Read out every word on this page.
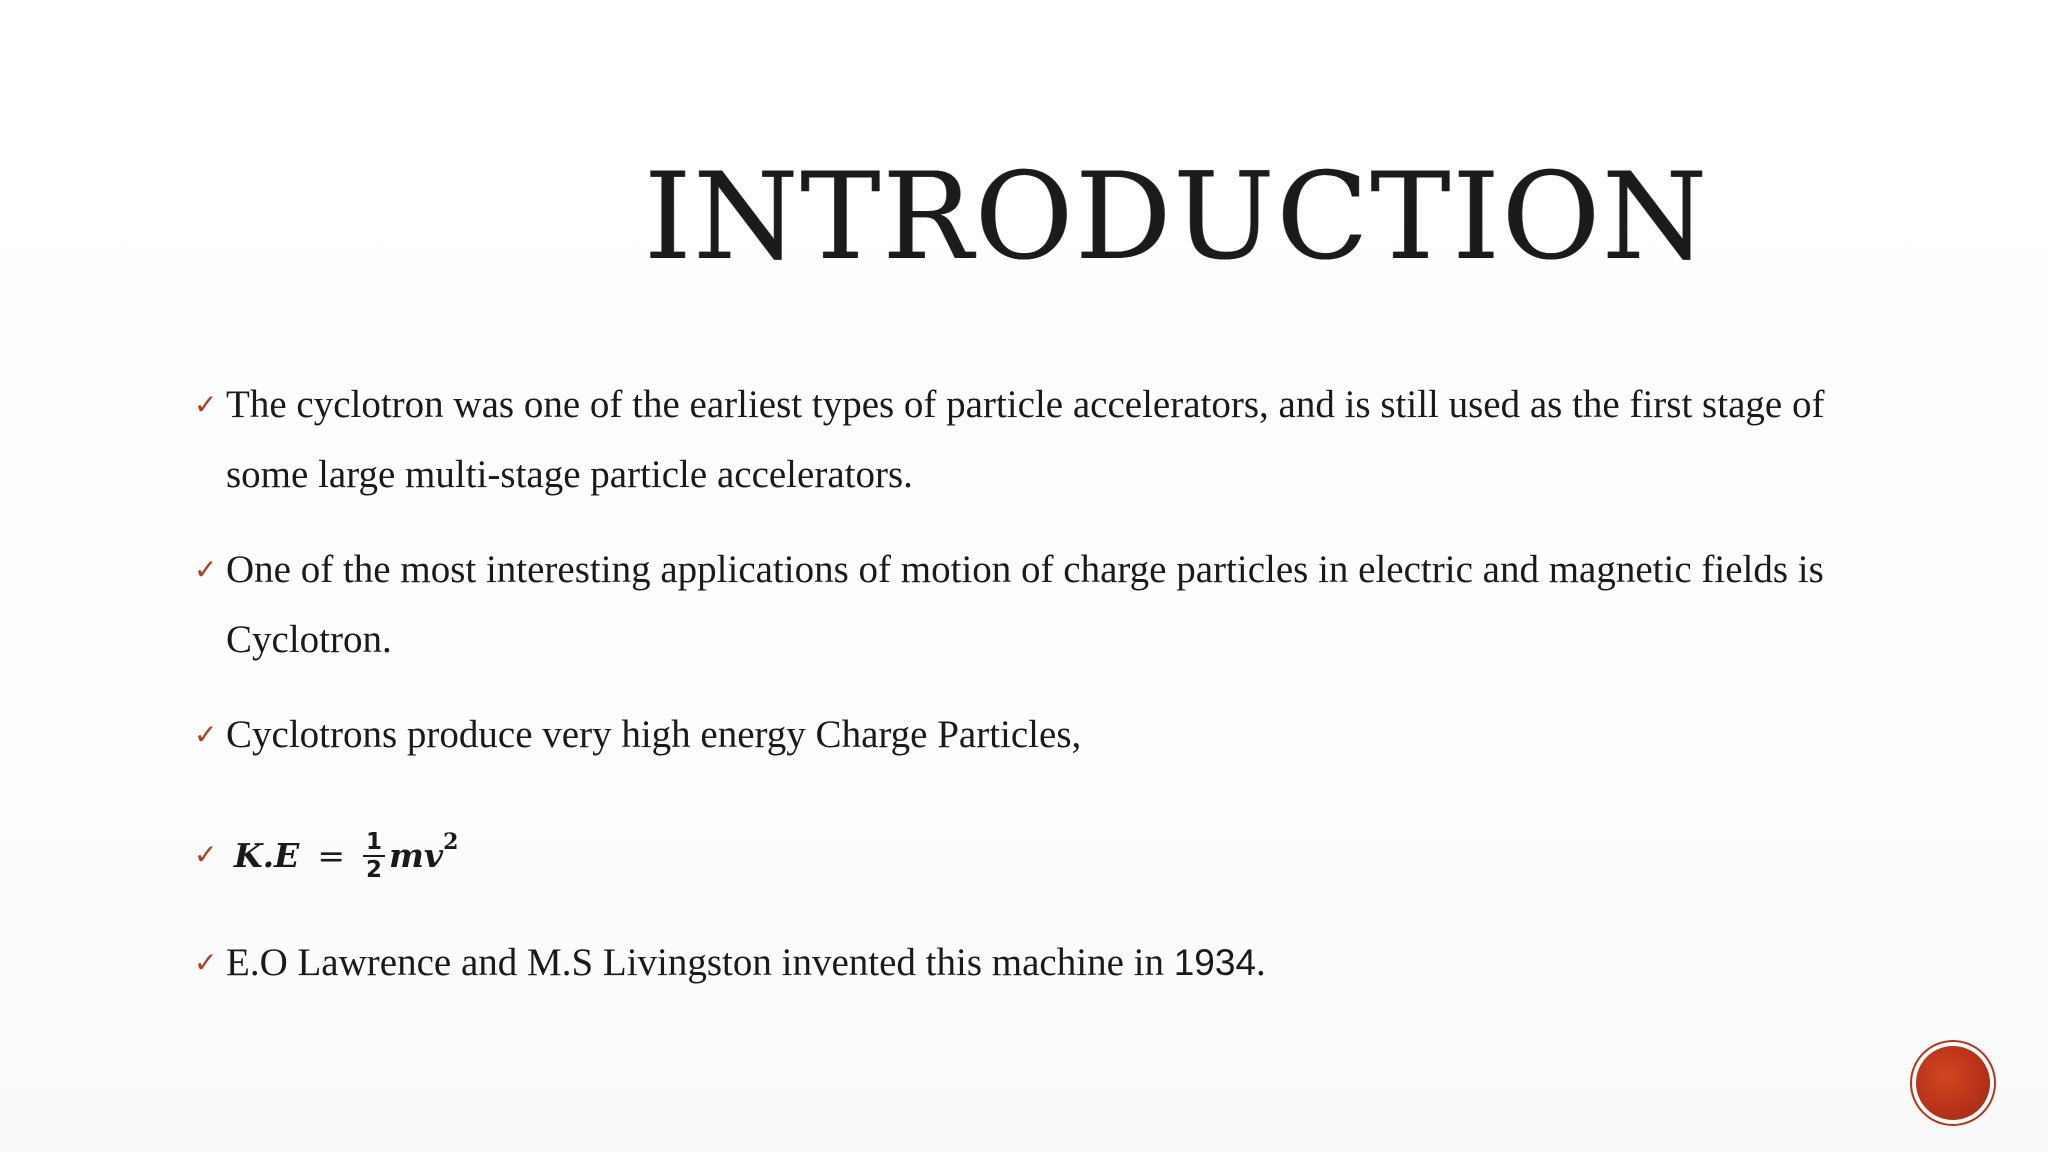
INTRODUCTION
✓ The cyclotron was one of the earliest types of particle accelerators, and is still used as the first stage of some large multi-stage particle accelerators.
✓ One of the most interesting applications of motion of charge particles in electric and magnetic fields is Cyclotron.
✓ Cyclotrons produce very high energy Charge Particles,
✓ $K.E = \frac{1}{2}$ mv 2
✓ E.O Lawrence and M.S Livingston invented this machine in 1934.
